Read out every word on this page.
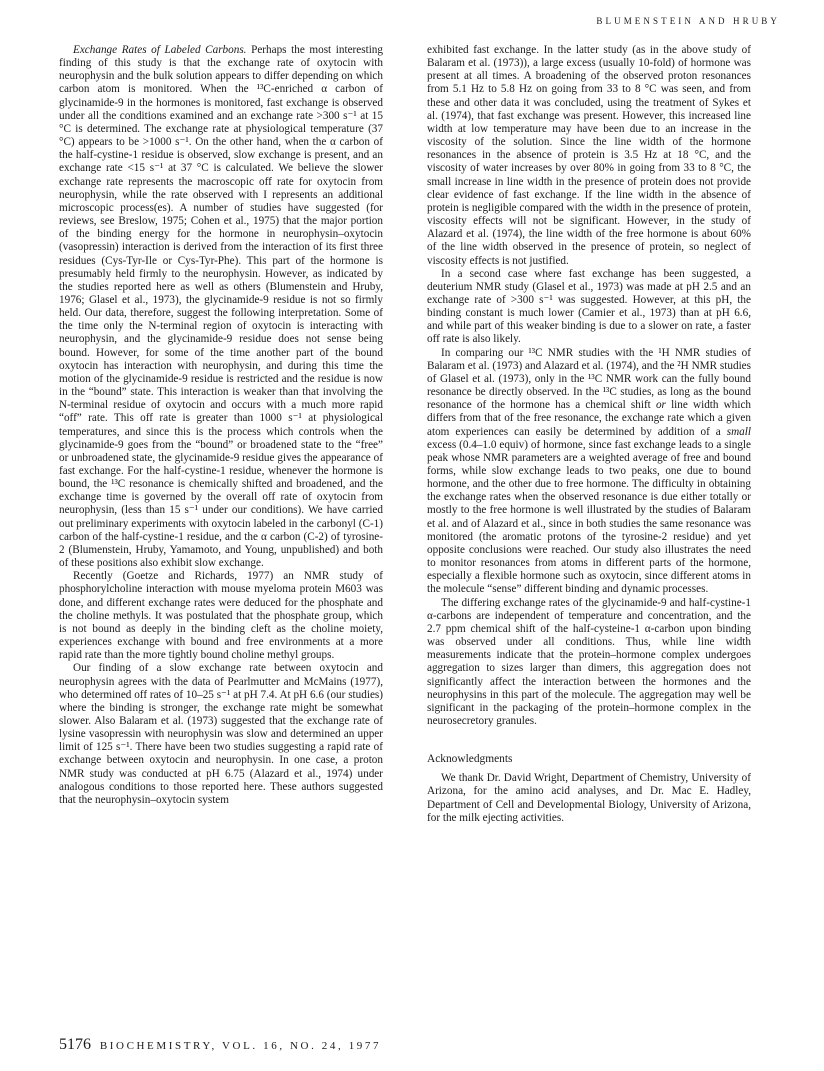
BLUMENSTEIN AND HRUBY

Exchange Rates of Labeled Carbons. Perhaps the most interesting finding of this study is that the exchange rate of oxytocin with neurophysin and the bulk solution appears to differ depending on which carbon atom is monitored. When the ¹³C-enriched α carbon of glycinamide-9 in the hormones is monitored, fast exchange is observed under all the conditions examined and an exchange rate >300 s⁻¹ at 15 °C is determined. The exchange rate at physiological temperature (37 °C) appears to be >1000 s⁻¹. On the other hand, when the α carbon of the half-cystine-1 residue is observed, slow exchange is present, and an exchange rate <15 s⁻¹ at 37 °C is calculated. We believe the slower exchange rate represents the macroscopic off rate for oxytocin from neurophysin, while the rate observed with I represents an additional microscopic process(es). A number of studies have suggested (for reviews, see Breslow, 1975; Cohen et al., 1975) that the major portion of the binding energy for the hormone in neurophysin–oxytocin (vasopressin) interaction is derived from the interaction of its first three residues (Cys-Tyr-Ile or Cys-Tyr-Phe). This part of the hormone is presumably held firmly to the neurophysin. However, as indicated by the studies reported here as well as others (Blumenstein and Hruby, 1976; Glasel et al., 1973), the glycinamide-9 residue is not so firmly held. Our data, therefore, suggest the following interpretation. Some of the time only the N-terminal region of oxytocin is interacting with neurophysin, and the glycinamide-9 residue does not sense being bound. However, for some of the time another part of the bound oxytocin has interaction with neurophysin, and during this time the motion of the glycinamide-9 residue is restricted and the residue is now in the “bound” state. This interaction is weaker than that involving the N-terminal residue of oxytocin and occurs with a much more rapid “off” rate. This off rate is greater than 1000 s⁻¹ at physiological temperatures, and since this is the process which controls when the glycinamide-9 goes from the “bound” or broadened state to the “free” or unbroadened state, the glycinamide-9 residue gives the appearance of fast exchange. For the half-cystine-1 residue, whenever the hormone is bound, the ¹³C resonance is chemically shifted and broadened, and the exchange time is governed by the overall off rate of oxytocin from neurophysin, (less than 15 s⁻¹ under our conditions). We have carried out preliminary experiments with oxytocin labeled in the carbonyl (C-1) carbon of the half-cystine-1 residue, and the α carbon (C-2) of tyrosine-2 (Blumenstein, Hruby, Yamamoto, and Young, unpublished) and both of these positions also exhibit slow exchange.

Recently (Goetze and Richards, 1977) an NMR study of phosphorylcholine interaction with mouse myeloma protein M603 was done, and different exchange rates were deduced for the phosphate and the choline methyls. It was postulated that the phosphate group, which is not bound as deeply in the binding cleft as the choline moiety, experiences exchange with bound and free environments at a more rapid rate than the more tightly bound choline methyl groups.

Our finding of a slow exchange rate between oxytocin and neurophysin agrees with the data of Pearlmutter and McMains (1977), who determined off rates of 10–25 s⁻¹ at pH 7.4. At pH 6.6 (our studies) where the binding is stronger, the exchange rate might be somewhat slower. Also Balaram et al. (1973) suggested that the exchange rate of lysine vasopressin with neurophysin was slow and determined an upper limit of 125 s⁻¹. There have been two studies suggesting a rapid rate of exchange between oxytocin and neurophysin. In one case, a proton NMR study was conducted at pH 6.75 (Alazard et al., 1974) under analogous conditions to those reported here. These authors suggested that the neurophysin–oxytocin system

exhibited fast exchange. In the latter study (as in the above study of Balaram et al. (1973)), a large excess (usually 10-fold) of hormone was present at all times. A broadening of the observed proton resonances from 5.1 Hz to 5.8 Hz on going from 33 to 8 °C was seen, and from these and other data it was concluded, using the treatment of Sykes et al. (1974), that fast exchange was present. However, this increased line width at low temperature may have been due to an increase in the viscosity of the solution. Since the line width of the hormone resonances in the absence of protein is 3.5 Hz at 18 °C, and the viscosity of water increases by over 80% in going from 33 to 8 °C, the small increase in line width in the presence of protein does not provide clear evidence of fast exchange. If the line width in the absence of protein is negligible compared with the width in the presence of protein, viscosity effects will not be significant. However, in the study of Alazard et al. (1974), the line width of the free hormone is about 60% of the line width observed in the presence of protein, so neglect of viscosity effects is not justified.

In a second case where fast exchange has been suggested, a deuterium NMR study (Glasel et al., 1973) was made at pH 2.5 and an exchange rate of >300 s⁻¹ was suggested. However, at this pH, the binding constant is much lower (Camier et al., 1973) than at pH 6.6, and while part of this weaker binding is due to a slower on rate, a faster off rate is also likely.

In comparing our ¹³C NMR studies with the ¹H NMR studies of Balaram et al. (1973) and Alazard et al. (1974), and the ²H NMR studies of Glasel et al. (1973), only in the ¹³C NMR work can the fully bound resonance be directly observed. In the ¹³C studies, as long as the bound resonance of the hormone has a chemical shift or line width which differs from that of the free resonance, the exchange rate which a given atom experiences can easily be determined by addition of a small excess (0.4–1.0 equiv) of hormone, since fast exchange leads to a single peak whose NMR parameters are a weighted average of free and bound forms, while slow exchange leads to two peaks, one due to bound hormone, and the other due to free hormone. The difficulty in obtaining the exchange rates when the observed resonance is due either totally or mostly to the free hormone is well illustrated by the studies of Balaram et al. and of Alazard et al., since in both studies the same resonance was monitored (the aromatic protons of the tyrosine-2 residue) and yet opposite conclusions were reached. Our study also illustrates the need to monitor resonances from atoms in different parts of the hormone, especially a flexible hormone such as oxytocin, since different atoms in the molecule “sense” different binding and dynamic processes.

The differing exchange rates of the glycinamide-9 and half-cystine-1 α-carbons are independent of temperature and concentration, and the 2.7 ppm chemical shift of the half-cysteine-1 α-carbon upon binding was observed under all conditions. Thus, while line width measurements indicate that the protein–hormone complex undergoes aggregation to sizes larger than dimers, this aggregation does not significantly affect the interaction between the hormones and the neurophysins in this part of the molecule. The aggregation may well be significant in the packaging of the protein–hormone complex in the neurosecretory granules.

Acknowledgments

We thank Dr. David Wright, Department of Chemistry, University of Arizona, for the amino acid analyses, and Dr. Mac E. Hadley, Department of Cell and Developmental Biology, University of Arizona, for the milk ejecting activities.

5176 BIOCHEMISTRY, VOL. 16, NO. 24, 1977
